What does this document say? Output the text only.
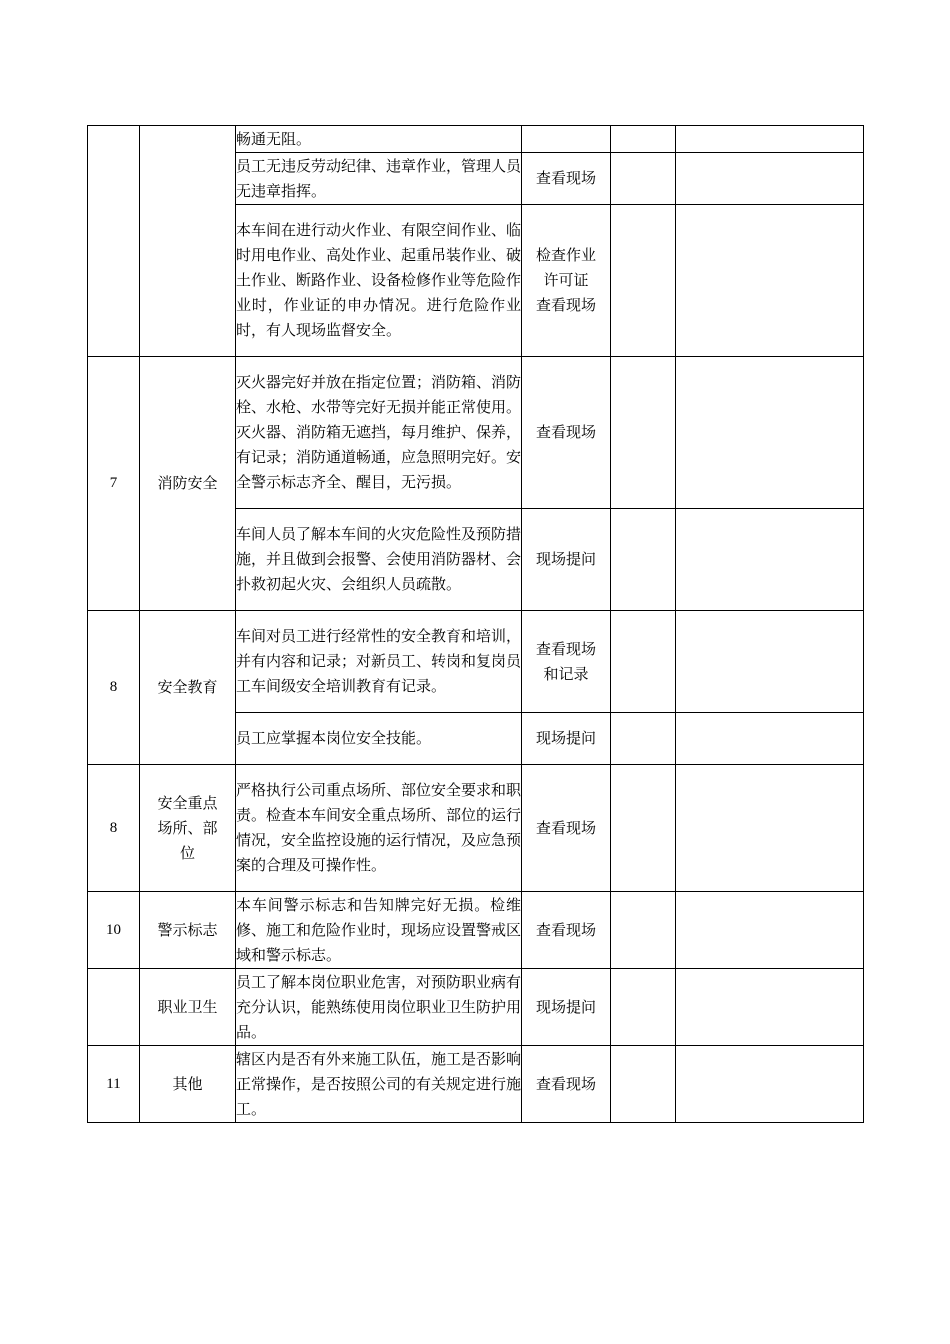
		畅通无阻。			
		员工无违反劳动纪律、违章作业，管理人员无违章指挥。	查看现场		
		本车间在进行动火作业、有限空间作业、临时用电作业、高处作业、起重吊装作业、破土作业、断路作业、设备检修作业等危险作业时，作业证的申办情况。进行危险作业时，有人现场监督安全。	检查作业
许可证
查看现场		

7	消防安全	灭火器完好并放在指定位置；消防箱、消防栓、水枪、水带等完好无损并能正常使用。灭火器、消防箱无遮挡，每月维护、保养，有记录；消防通道畅通，应急照明完好。安全警示标志齐全、醒目，无污损。	查看现场		
		车间人员了解本车间的火灾危险性及预防措施，并且做到会报警、会使用消防器材、会扑救初起火灾、会组织人员疏散。	现场提问		
8	安全教育	车间对员工进行经常性的安全教育和培训，并有内容和记录；对新员工、转岗和复岗员工车间级安全培训教育有记录。	查看现场
和记录		

		员工应掌握本岗位安全技能。	现场提问		
8	安全重点
场所、部
位	严格执行公司重点场所、部位安全要求和职责。检查本车间安全重点场所、部位的运行情况，安全监控设施的运行情况，及应急预案的合理及可操作性。	查看现场		
10	警示标志	本车间警示标志和告知牌完好无损。检维修、施工和危险作业时，现场应设置警戒区域和警示标志。	查看现场		
	职业卫生	员工了解本岗位职业危害，对预防职业病有充分认识，能熟练使用岗位职业卫生防护用品。	现场提问		
11	其他	辖区内是否有外来施工队伍，施工是否影响正常操作，是否按照公司的有关规定进行施工。	查看现场		
